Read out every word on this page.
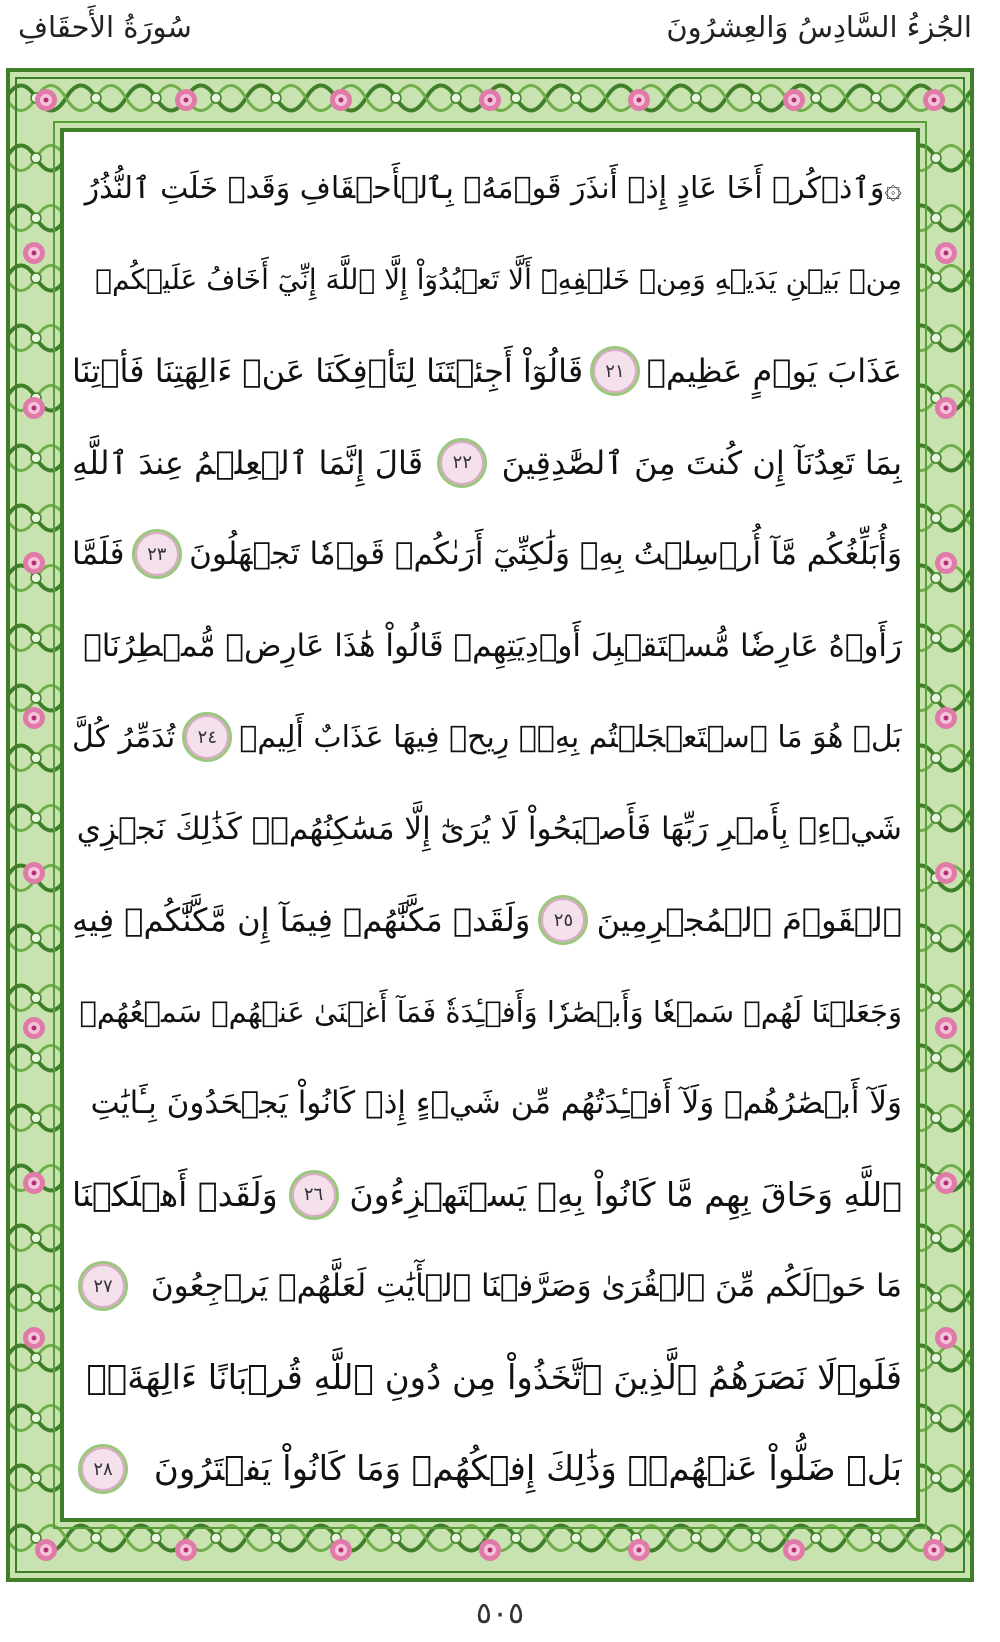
سُورَةُ الأَحقَافِ	الجُزءُ السَّادِسُ وَالعِشرُونَ
۞وَٱذۡكُرۡ أَخَا عَادٍ إِذۡ أَنذَرَ قَوۡمَهُۥ بِٱلۡأَحۡقَافِ وَقَدۡ خَلَتِ ٱلنُّذُرُ
مِنۢ بَيۡنِ يَدَيۡهِ وَمِنۡ خَلۡفِهِۦٓ أَلَّا تَعۡبُدُوٓاْ إِلَّا ٱللَّهَ إِنِّيٓ أَخَافُ عَلَيۡكُمۡ
عَذَابَ يَوۡمٍ عَظِيمٖ
٢١
قَالُوٓاْ أَجِئۡتَنَا لِتَأۡفِكَنَا عَنۡ ءَالِهَتِنَا فَأۡتِنَا
بِمَا تَعِدُنَآ إِن كُنتَ مِنَ ٱلصَّٰدِقِينَ
٢٢
قَالَ إِنَّمَا ٱلۡعِلۡمُ عِندَ ٱللَّهِ
وَأُبَلِّغُكُم مَّآ أُرۡسِلۡتُ بِهِۦ وَلَٰكِنِّيٓ أَرَىٰكُمۡ قَوۡمٗا تَجۡهَلُونَ
٢٣
فَلَمَّا
رَأَوۡهُ عَارِضٗا مُّسۡتَقۡبِلَ أَوۡدِيَتِهِمۡ قَالُواْ هَٰذَا عَارِضٞ مُّمۡطِرُنَاۚ
بَلۡ هُوَ مَا ٱسۡتَعۡجَلۡتُم بِهِۦۖ رِيحٞ فِيهَا عَذَابٌ أَلِيمٞ
٢٤
تُدَمِّرُ كُلَّ
شَيۡءِۭ بِأَمۡرِ رَبِّهَا فَأَصۡبَحُواْ لَا يُرَىٰٓ إِلَّا مَسَٰكِنُهُمۡۚ كَذَٰلِكَ نَجۡزِي
ٱلۡقَوۡمَ ٱلۡمُجۡرِمِينَ
٢٥
وَلَقَدۡ مَكَّنَّٰهُمۡ فِيمَآ إِن مَّكَّنَّٰكُمۡ فِيهِ
وَجَعَلۡنَا لَهُمۡ سَمۡعٗا وَأَبۡصَٰرٗا وَأَفۡـِٔدَةٗ فَمَآ أَغۡنَىٰ عَنۡهُمۡ سَمۡعُهُمۡ
وَلَآ أَبۡصَٰرُهُمۡ وَلَآ أَفۡـِٔدَتُهُم مِّن شَيۡءٍ إِذۡ كَانُواْ يَجۡحَدُونَ بِـَٔايَٰتِ
ٱللَّهِ وَحَاقَ بِهِم مَّا كَانُواْ بِهِۦ يَسۡتَهۡزِءُونَ
٢٦
وَلَقَدۡ أَهۡلَكۡنَا
مَا حَوۡلَكُم مِّنَ ٱلۡقُرَىٰ وَصَرَّفۡنَا ٱلۡأٓيَٰتِ لَعَلَّهُمۡ يَرۡجِعُونَ
٢٧
فَلَوۡلَا نَصَرَهُمُ ٱلَّذِينَ ٱتَّخَذُواْ مِن دُونِ ٱللَّهِ قُرۡبَانًا ءَالِهَةَۢۖ
بَلۡ ضَلُّواْ عَنۡهُمۡۚ وَذَٰلِكَ إِفۡكُهُمۡ وَمَا كَانُواْ يَفۡتَرُونَ
٢٨
٥٠٥
